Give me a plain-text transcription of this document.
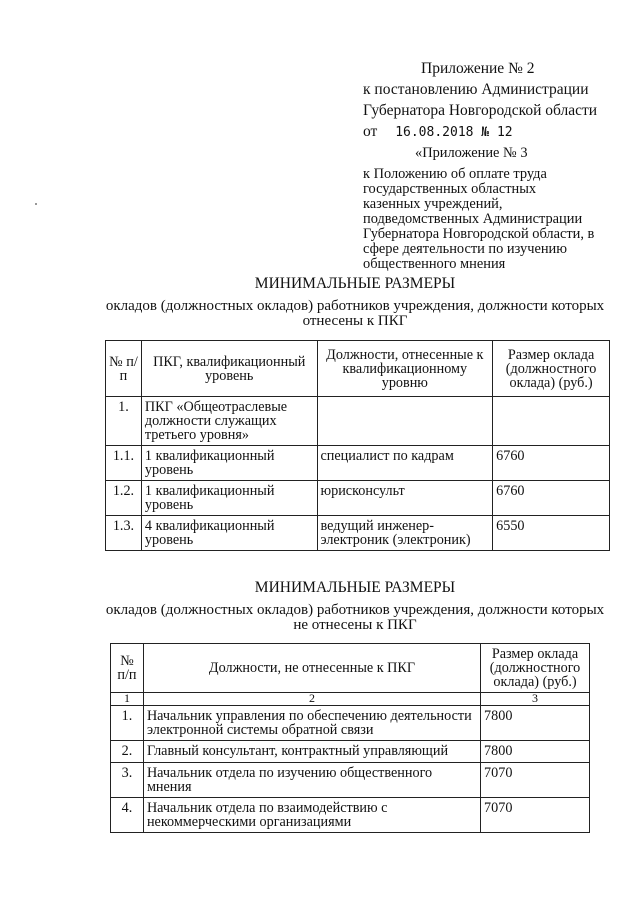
Приложение № 2
к постановлению Администрации
Губернатора Новгородской области
от 16.08.2018 № 12
«Приложение № 3
к Положению об оплате труда государственных областных казенных учреждений, подведомственных Администрации Губернатора Новгородской области, в сфере деятельности по изучению общественного мнения
МИНИМАЛЬНЫЕ РАЗМЕРЫ
окладов (должностных окладов) работников учреждения, должности которых
отнесены к ПКГ
№ п/п	ПКГ, квалификационный уровень	Должности, отнесенные к квалификационному уровню	Размер оклада (должностного оклада) (руб.)
1.	ПКГ «Общеотраслевые должности служащих третьего уровня»		
1.1.	1 квалификационный уровень	специалист по кадрам	6760
1.2.	1 квалификационный уровень	юрисконсульт	6760
1.3.	4 квалификационный уровень	ведущий инженер-электроник (электроник)	6550
МИНИМАЛЬНЫЕ РАЗМЕРЫ
окладов (должностных окладов) работников учреждения, должности которых
не отнесены к ПКГ
№ п/п	Должности, не отнесенные к ПКГ	Размер оклада (должностного оклада) (руб.)
1	2	3
1.	Начальник управления по обеспечению деятельности электронной системы обратной связи	7800
2.	Главный консультант, контрактный управляющий	7800
3.	Начальник отдела по изучению общественного мнения	7070
4.	Начальник отдела по взаимодействию с некоммерческими организациями	7070
